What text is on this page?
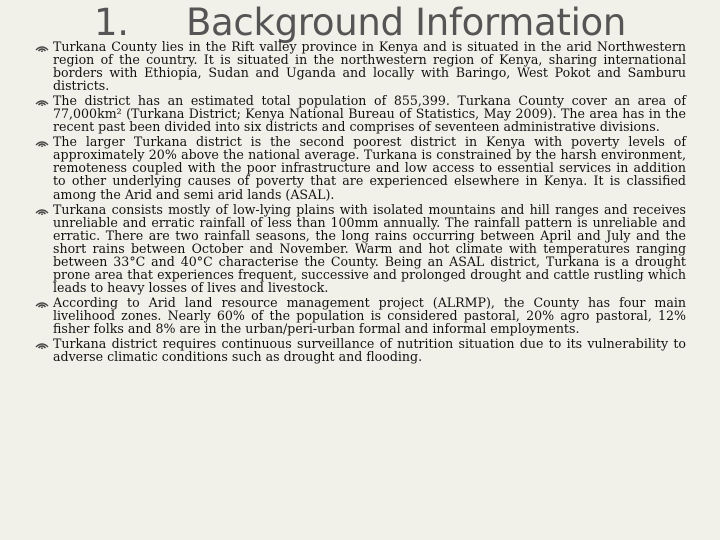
1.     Background Information
Turkana County lies in the Rift valley province in Kenya and is situated in the arid Northwestern region of the country. It is situated in the northwestern region of Kenya, sharing international borders with Ethiopia, Sudan and Uganda and locally with Baringo, West Pokot and Samburu districts.
The district has an estimated total population of 855,399. Turkana County cover an area of 77,000km² (Turkana District; Kenya National Bureau of Statistics, May 2009). The area has in the recent past been divided into six districts and comprises of seventeen administrative divisions.
The larger Turkana district is the second poorest district in Kenya with poverty levels of approximately 20% above the national average. Turkana is constrained by the harsh environment, remoteness coupled with the poor infrastructure and low access to essential services in addition to other underlying causes of poverty that are experienced elsewhere in Kenya. It is classified among the Arid and semi arid lands (ASAL).
Turkana consists mostly of low-lying plains with isolated mountains and hill ranges and receives unreliable and erratic rainfall of less than 100mm annually. The rainfall pattern is unreliable and erratic. There are two rainfall seasons, the long rains occurring between April and July and the short rains between October and November. Warm and hot climate with temperatures ranging between 33°C and 40°C characterise the County. Being an ASAL district, Turkana is a drought prone area that experiences frequent, successive and prolonged drought and cattle rustling which leads to heavy losses of lives and livestock.
According to Arid land resource management project (ALRMP), the County has four main livelihood zones. Nearly 60% of the population is considered pastoral, 20% agro pastoral, 12% fisher folks and 8% are in the urban/peri-urban formal and informal employments.
Turkana district requires continuous surveillance of nutrition situation due to its vulnerability to adverse climatic conditions such as drought and flooding.
